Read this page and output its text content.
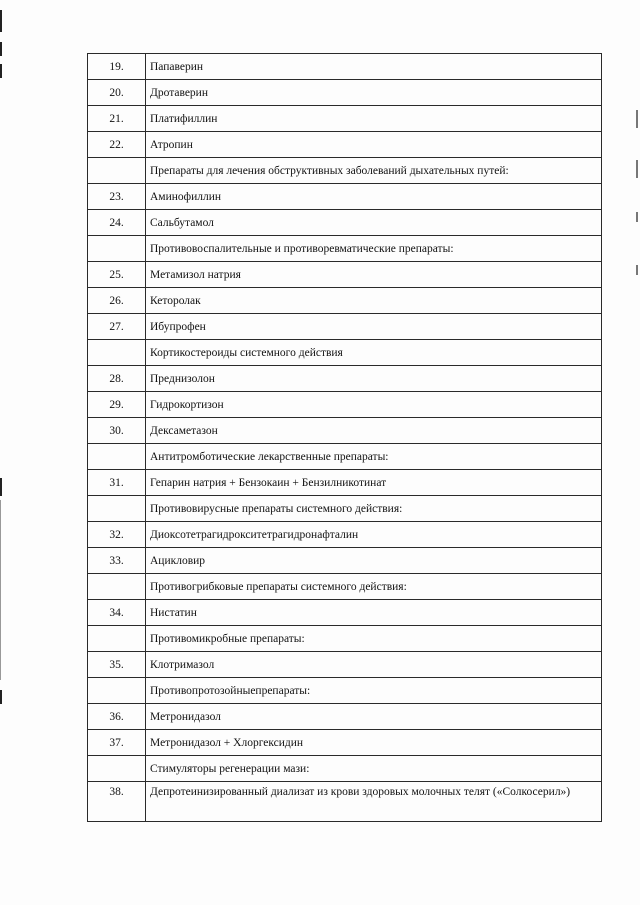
19.	Папаверин
20.	Дротаверин
21.	Платифиллин
22.	Атропин
	Препараты для лечения обструктивных заболеваний дыхательных путей:
23.	Аминофиллин
24.	Сальбутамол
	Противовоспалительные и противоревматические препараты:
25.	Метамизол натрия
26.	Кеторолак
27.	Ибупрофен
	Кортикостероиды системного действия
28.	Преднизолон
29.	Гидрокортизон
30.	Дексаметазон
	Антитромботические лекарственные препараты:
31.	Гепарин натрия + Бензокаин + Бензилникотинат
	Противовирусные препараты системного действия:
32.	Диоксотетрагидрокситетрагидронафталин
33.	Ацикловир
	Противогрибковые препараты системного действия:
34.	Нистатин
	Противомикробные препараты:
35.	Клотримазол
	Противопротозойныепрепараты:
36.	Метронидазол
37.	Метронидазол + Хлоргексидин
	Стимуляторы регенерации мази:
38.	Депротеинизированный диализат из крови здоровых молочных телят («Солкосерил»)
